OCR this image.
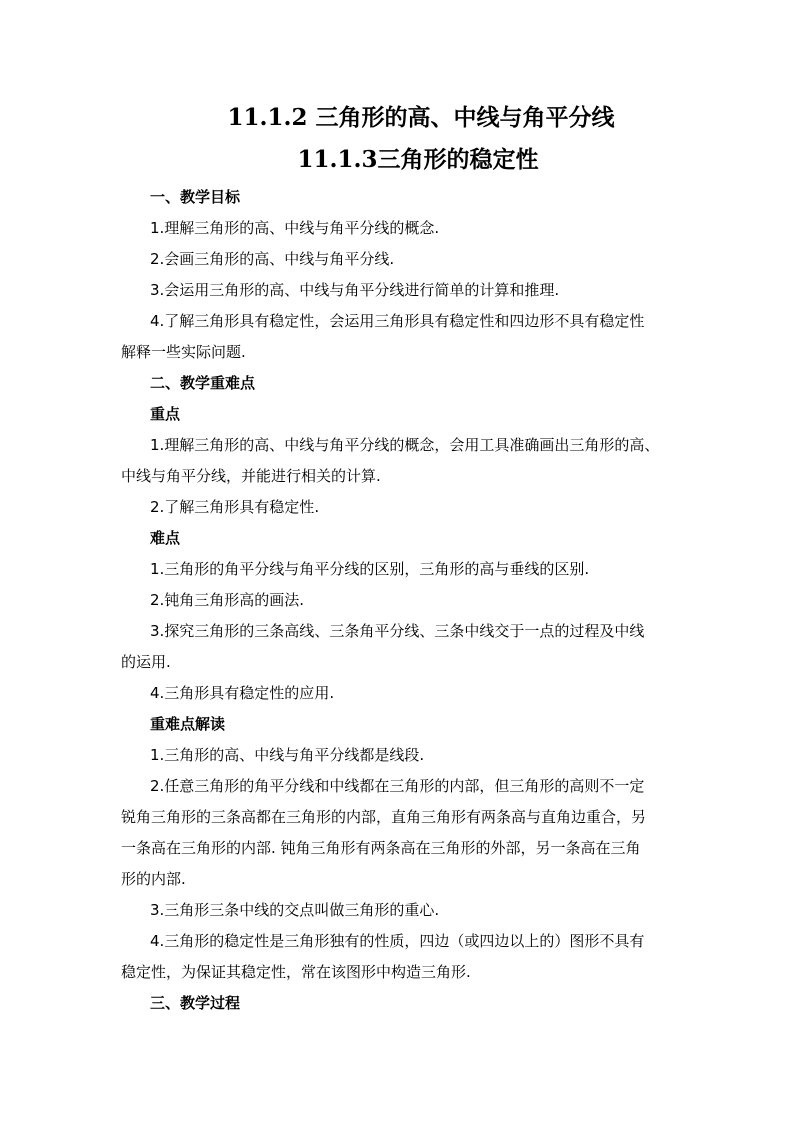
11.1.2 三角形的高、中线与角平分线
11.1.3三角形的稳定性
一、教学目标
1.理解三角形的高、中线与角平分线的概念.
2.会画三角形的高、中线与角平分线.
3.会运用三角形的高、中线与角平分线进行简单的计算和推理.
4.了解三角形具有稳定性，会运用三角形具有稳定性和四边形不具有稳定性
解释一些实际问题.
二、教学重难点
重点
1.理解三角形的高、中线与角平分线的概念，会用工具准确画出三角形的高、
中线与角平分线，并能进行相关的计算.
2.了解三角形具有稳定性.
难点
1.三角形的角平分线与角平分线的区别，三角形的高与垂线的区别.
2.钝角三角形高的画法.
3.探究三角形的三条高线、三条角平分线、三条中线交于一点的过程及中线
的运用.
4.三角形具有稳定性的应用.
重难点解读
1.三角形的高、中线与角平分线都是线段.
2.任意三角形的角平分线和中线都在三角形的内部，但三角形的高则不一定
锐角三角形的三条高都在三角形的内部，直角三角形有两条高与直角边重合，另
一条高在三角形的内部. 钝角三角形有两条高在三角形的外部，另一条高在三角
形的内部.
3.三角形三条中线的交点叫做三角形的重心.
4.三角形的稳定性是三角形独有的性质，四边（或四边以上的）图形不具有
稳定性，为保证其稳定性，常在该图形中构造三角形.
三、教学过程
